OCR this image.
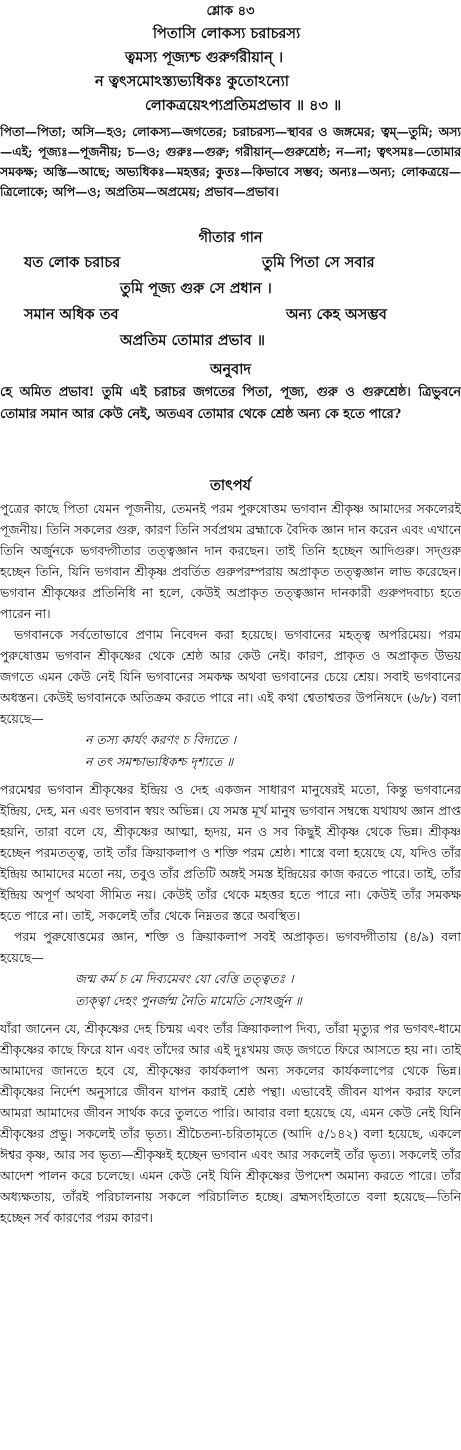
শ্লোক ৪৩
পিতাসি লোকস্য চরাচরস্য
ত্বমস্য পূজ্যশ্চ গুরুর্গরীয়ান্ ।
ন ত্বৎসমোঽস্ত্যভ্যধিকঃ কুতোঽন্যো
লোকত্রয়েঽপ্যপ্রতিমপ্রভাব ॥ ৪৩ ॥

পিতা—পিতা; অসি—হও; লোকস্য—জগতের; চরাচরস্য—স্থাবর ও জঙ্গমের; ত্বম্—তুমি; অস্য—এই; পূজ্যঃ—পূজনীয়; চ—ও; গুরুঃ—গুরু; গরীয়ান্—গুরুশ্রেষ্ঠ; ন—না; ত্বৎসমঃ—তোমার সমকক্ষ; অস্তি—আছে; অভ্যধিকঃ—মহত্তর; কুতঃ—কিভাবে সম্ভব; অন্যঃ—অন্য; লোকত্রয়ে—ত্রিলোকে; অপি—ও; অপ্রতিম—অপ্রমেয়; প্রভাব—প্রভাব।

গীতার গান
যত লোক চরাচর	তুমি পিতা সে সবার
তুমি পূজ্য গুরু সে প্রধান ।
সমান অধিক তব	অন্য কেহ অসম্ভব
অপ্রতিম তোমার প্রভাব ॥
অনুবাদ

হে অমিত প্রভাব! তুমি এই চরাচর জগতের পিতা, পূজ্য, গুরু ও গুরুশ্রেষ্ঠ। ত্রিভুবনে তোমার সমান আর কেউ নেই, অতএব তোমার থেকে শ্রেষ্ঠ অন্য কে হতে পারে?

তাৎপর্য

পুত্রের কাছে পিতা যেমন পূজনীয়, তেমনই পরম পুরুষোত্তম ভগবান শ্রীকৃষ্ণ আমাদের সকলেরই পূজনীয়। তিনি সকলের গুরু, কারণ তিনি সর্বপ্রথম ব্রহ্মাকে বৈদিক জ্ঞান দান করেন এবং এখানে তিনি অর্জুনকে ভগবদ্গীতার তত্ত্বজ্ঞান দান করছেন। তাই তিনি হচ্ছেন আদিগুরু। সদ্গুরু হচ্ছেন তিনি, যিনি ভগবান শ্রীকৃষ্ণ প্রবর্তিত গুরুপরম্পরায় অপ্রাকৃত তত্ত্বজ্ঞান লাভ করেছেন। ভগবান শ্রীকৃষ্ণের প্রতিনিধি না হলে, কেউই অপ্রাকৃত তত্ত্বজ্ঞান দানকারী গুরুপদবাচ্য হতে পারেন না।

ভগবানকে সর্বতোভাবে প্রণাম নিবেদন করা হয়েছে। ভগবানের মহত্ত্ব অপরিমেয়। পরম পুরুষোত্তম ভগবান শ্রীকৃষ্ণের থেকে শ্রেষ্ঠ আর কেউ নেই। কারণ, প্রাকৃত ও অপ্রাকৃত উভয় জগতে এমন কেউ নেই যিনি ভগবানের সমকক্ষ অথবা ভগবানের চেয়ে শ্রেয়। সবাই ভগবানের অধস্তন। কেউই ভগবানকে অতিক্রম করতে পারে না। এই কথা শ্বেতাশ্বতর উপনিষদে (৬/৮) বলা হয়েছে—

ন তস্য কার্যং করণং চ বিদ্যতে ।
ন তৎ সমশ্চাভ্যধিকশ্চ দৃশ্যতে ॥

পরমেশ্বর ভগবান শ্রীকৃষ্ণের ইন্দ্রিয় ও দেহ একজন সাধারণ মানুষেরই মতো, কিন্তু ভগবানের ইন্দ্রিয়, দেহ, মন এবং ভগবান স্বয়ং অভিন্ন। যে সমস্ত মূর্খ মানুষ ভগবান সম্বন্ধে যথাযথ জ্ঞান প্রাপ্ত হয়নি, তারা বলে যে, শ্রীকৃষ্ণের আত্মা, হৃদয়, মন ও সব কিছুই শ্রীকৃষ্ণ থেকে ভিন্ন। শ্রীকৃষ্ণ হচ্ছেন পরমতত্ত্ব, তাই তাঁর ক্রিয়াকলাপ ও শক্তি পরম শ্রেষ্ঠ। শাস্ত্রে বলা হয়েছে যে, যদিও তাঁর ইন্দ্রিয় আমাদের মতো নয়, তবুও তাঁর প্রতিটি অঙ্গই সমস্ত ইন্দ্রিয়ের কাজ করতে পারে। তাই, তাঁর ইন্দ্রিয় অপূর্ণ অথবা সীমিত নয়। কেউই তাঁর থেকে মহত্তর হতে পারে না। কেউই তাঁর সমকক্ষ হতে পারে না। তাই, সকলেই তাঁর থেকে নিম্নতর স্তরে অবস্থিত।

পরম পুরুষোত্তমের জ্ঞান, শক্তি ও ক্রিয়াকলাপ সবই অপ্রাকৃত। ভগবদ্গীতায় (৪/৯) বলা হয়েছে—

জন্ম কর্ম চ মে দিব্যমেবং যো বেত্তি তত্ত্বতঃ ।
ত্যক্ত্বা দেহং পুনর্জন্ম নৈতি মামেতি সোঽর্জুন ॥

যাঁরা জানেন যে, শ্রীকৃষ্ণের দেহ চিন্ময় এবং তাঁর ক্রিয়াকলাপ দিব্য, তাঁরা মৃত্যুর পর ভগবৎ-ধামে শ্রীকৃষ্ণের কাছে ফিরে যান এবং তাঁদের আর এই দুঃখময় জড় জগতে ফিরে আসতে হয় না। তাই আমাদের জানতে হবে যে, শ্রীকৃষ্ণের কার্যকলাপ অন্য সকলের কার্যকলাপের থেকে ভিন্ন। শ্রীকৃষ্ণের নির্দেশ অনুসারে জীবন যাপন করাই শ্রেষ্ঠ পন্থা। এভাবেই জীবন যাপন করার ফলে আমরা আমাদের জীবন সার্থক করে তুলতে পারি। আবার বলা হয়েছে যে, এমন কেউ নেই যিনি শ্রীকৃষ্ণের প্রভু। সকলেই তাঁর ভৃত্য। শ্রীচৈতন্য-চরিতামৃতে (আদি ৫/১৪২) বলা হয়েছে, একলে ঈশ্বর কৃষ্ণ, আর সব ভৃত্য—শ্রীকৃষ্ণই হচ্ছেন ভগবান এবং আর সকলেই তাঁর ভৃত্য। সকলেই তাঁর আদেশ পালন করে চলেছে। এমন কেউ নেই যিনি শ্রীকৃষ্ণের উপদেশ অমান্য করতে পারে। তাঁর অধ্যক্ষতায়, তাঁরই পরিচালনায় সকলে পরিচালিত হচ্ছে। ব্রহ্মসংহিতাতে বলা হয়েছে—তিনি হচ্ছেন সর্ব কারণের পরম কারণ।
